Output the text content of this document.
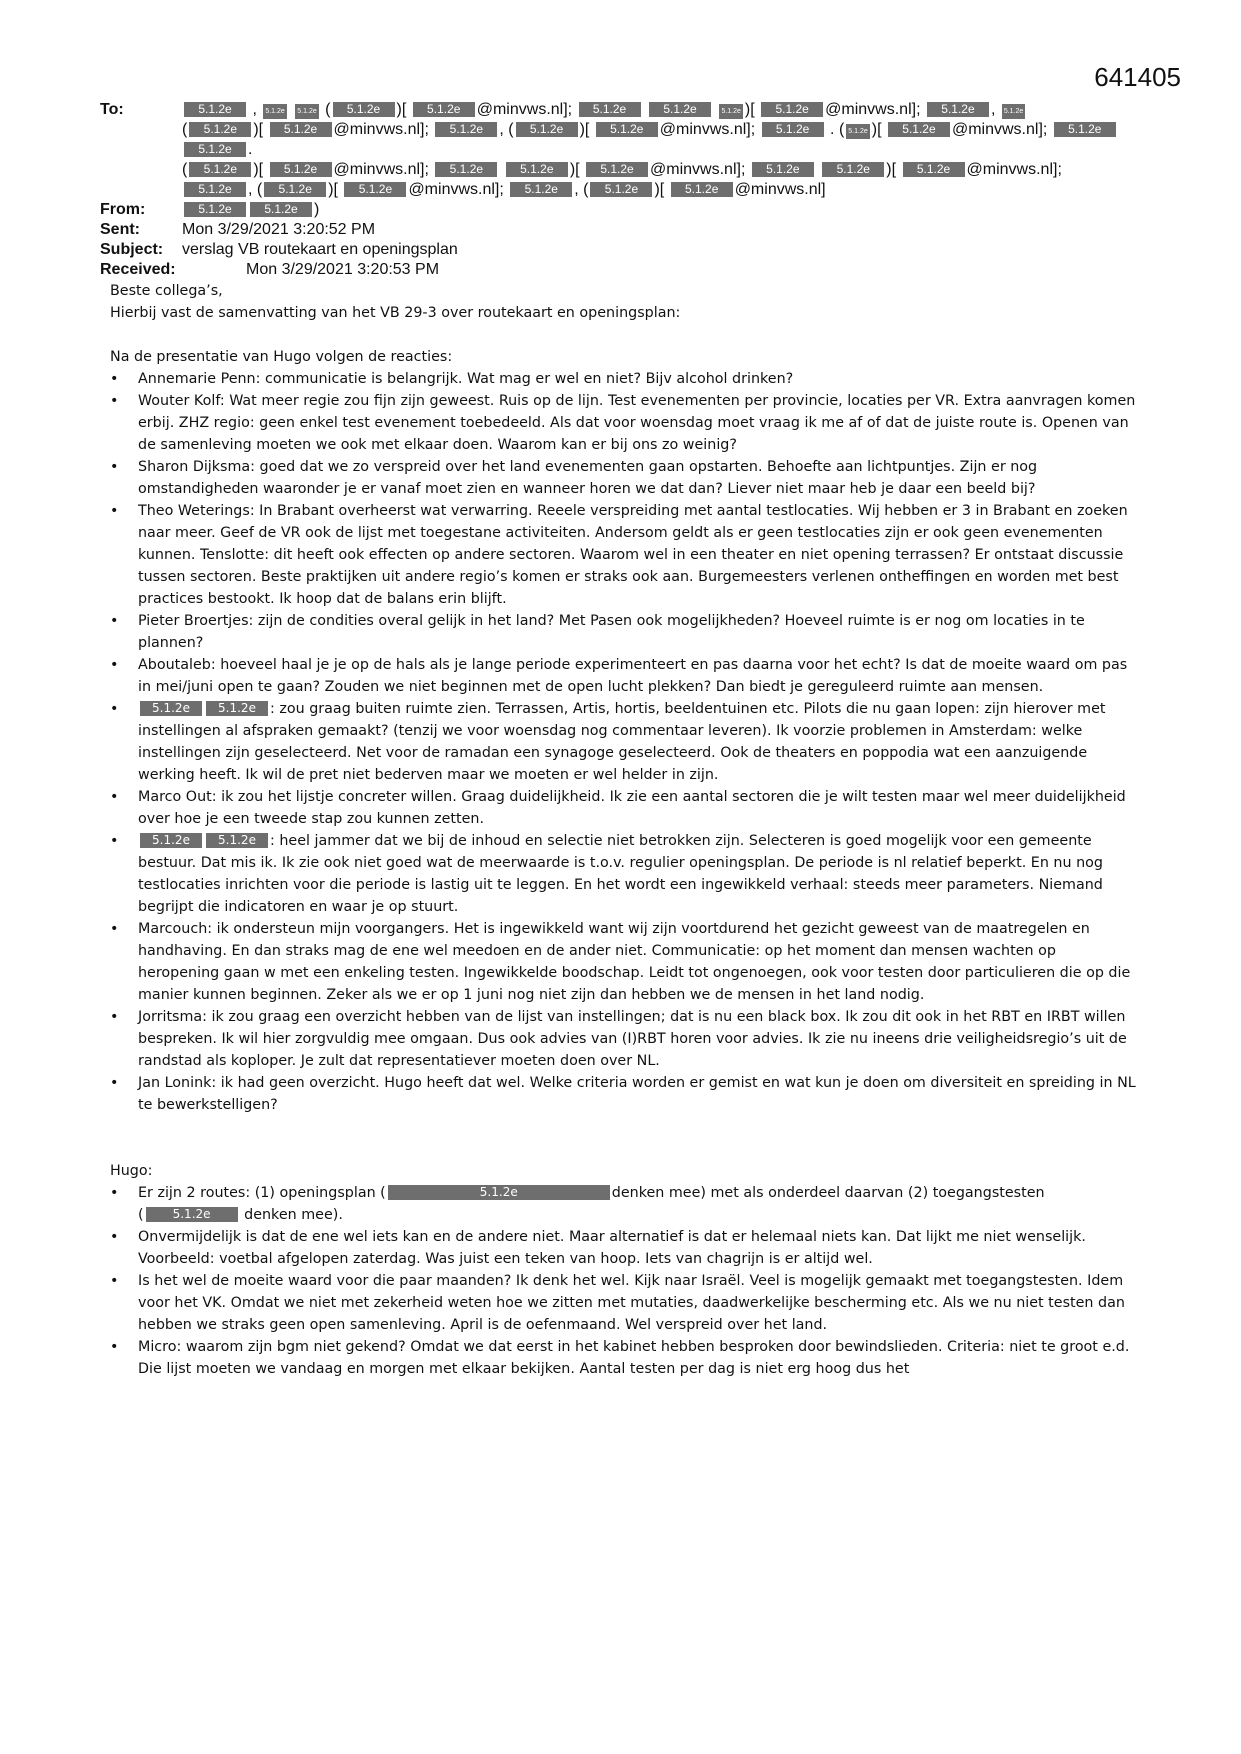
641405
To:	5.1.2e , 5.1.2e 5.1.2e ( 5.1.2e )[ 5.1.2e @minvws.nl]; 5.1.2e	5.1.2e	5.1.2e )[ 5.1.2e @minvws.nl]; 5.1.2e , 5.1.2e
( 5.1.2e )[ 5.1.2e @minvws.nl]; 5.1.2e , ( 5.1.2e )[ 5.1.2e @minvws.nl]; 5.1.2e . ( 5.1.2e )[ 5.1.2e @minvws.nl]; 5.1.2e 5.1.2e .
( 5.1.2e )[ 5.1.2e @minvws.nl]; 5.1.2e	5.1.2e )[ 5.1.2e @minvws.nl]; 5.1.2e	5.1.2e )[ 5.1.2e @minvws.nl];
5.1.2e , ( 5.1.2e )[ 5.1.2e @minvws.nl]; 5.1.2e , ( 5.1.2e )[ 5.1.2e @minvws.nl]
From:	5.1.2e	5.1.2e )
Sent:	Mon 3/29/2021 3:20:52 PM
Subject:	verslag VB routekaart en openingsplan
Received:	Mon 3/29/2021 3:20:53 PM

Beste collega’s,

Hierbij vast de samenvatting van het VB 29-3 over routekaart en openingsplan:

Na de presentatie van Hugo volgen de reacties:

• Annemarie Penn: communicatie is belangrijk. Wat mag er wel en niet? Bijv alcohol drinken?
• Wouter Kolf: Wat meer regie zou fijn zijn geweest. Ruis op de lijn. Test evenementen per provincie, locaties per VR. Extra aanvragen komen erbij. ZHZ regio: geen enkel test evenement toebedeeld. Als dat voor woensdag moet vraag ik me af of dat de juiste route is. Openen van de samenleving moeten we ook met elkaar doen. Waarom kan er bij ons zo weinig?
• Sharon Dijksma: goed dat we zo verspreid over het land evenementen gaan opstarten. Behoefte aan lichtpuntjes. Zijn er nog omstandigheden waaronder je er vanaf moet zien en wanneer horen we dat dan? Liever niet maar heb je daar een beeld bij?
• Theo Weterings: In Brabant overheerst wat verwarring. Reeele verspreiding met aantal testlocaties. Wij hebben er 3 in Brabant en zoeken naar meer. Geef de VR ook de lijst met toegestane activiteiten. Andersom geldt als er geen testlocaties zijn er ook geen evenementen kunnen. Tenslotte: dit heeft ook effecten op andere sectoren. Waarom wel in een theater en niet opening terrassen? Er ontstaat discussie tussen sectoren. Beste praktijken uit andere regio’s komen er straks ook aan. Burgemeesters verlenen ontheffingen en worden met best practices bestookt. Ik hoop dat de balans erin blijft.
• Pieter Broertjes: zijn de condities overal gelijk in het land? Met Pasen ook mogelijkheden? Hoeveel ruimte is er nog om locaties in te plannen?
• Aboutaleb: hoeveel haal je je op de hals als je lange periode experimenteert en pas daarna voor het echt? Is dat de moeite waard om pas in mei/juni open te gaan? Zouden we niet beginnen met de open lucht plekken? Dan biedt je gereguleerd ruimte aan mensen.
• 5.1.2e 5.1.2e : zou graag buiten ruimte zien. Terrassen, Artis, hortis, beeldentuinen etc. Pilots die nu gaan lopen: zijn hierover met instellingen al afspraken gemaakt? (tenzij we voor woensdag nog commentaar leveren). Ik voorzie problemen in Amsterdam: welke instellingen zijn geselecteerd. Net voor de ramadan een synagoge geselecteerd. Ook de theaters en poppodia wat een aanzuigende werking heeft. Ik wil de pret niet bederven maar we moeten er wel helder in zijn.
• Marco Out: ik zou het lijstje concreter willen. Graag duidelijkheid. Ik zie een aantal sectoren die je wilt testen maar wel meer duidelijkheid over hoe je een tweede stap zou kunnen zetten.
• 5.1.2e 5.1.2e : heel jammer dat we bij de inhoud en selectie niet betrokken zijn. Selecteren is goed mogelijk voor een gemeente bestuur. Dat mis ik. Ik zie ook niet goed wat de meerwaarde is t.o.v. regulier openingsplan. De periode is nl relatief beperkt. En nu nog testlocaties inrichten voor die periode is lastig uit te leggen. En het wordt een ingewikkeld verhaal: steeds meer parameters. Niemand begrijpt die indicatoren en waar je op stuurt.
• Marcouch: ik ondersteun mijn voorgangers. Het is ingewikkeld want wij zijn voortdurend het gezicht geweest van de maatregelen en handhaving. En dan straks mag de ene wel meedoen en de ander niet. Communicatie: op het moment dan mensen wachten op heropening gaan w met een enkeling testen. Ingewikkelde boodschap. Leidt tot ongenoegen, ook voor testen door particulieren die op die manier kunnen beginnen. Zeker als we er op 1 juni nog niet zijn dan hebben we de mensen in het land nodig.
• Jorritsma: ik zou graag een overzicht hebben van de lijst van instellingen; dat is nu een black box. Ik zou dit ook in het RBT en IRBT willen bespreken. Ik wil hier zorgvuldig mee omgaan. Dus ook advies van (I)RBT horen voor advies. Ik zie nu ineens drie veiligheidsregio’s uit de randstad als koploper. Je zult dat representatiever moeten doen over NL.
• Jan Lonink: ik had geen overzicht. Hugo heeft dat wel. Welke criteria worden er gemist en wat kun je doen om diversiteit en spreiding in NL te bewerkstelligen?

Hugo:

• Er zijn 2 routes: (1) openingsplan (	5.1.2e	denken mee) met als onderdeel daarvan (2) toegangstesten
( 5.1.2e denken mee).
• Onvermijdelijk is dat de ene wel iets kan en de andere niet. Maar alternatief is dat er helemaal niets kan. Dat lijkt me niet wenselijk. Voorbeeld: voetbal afgelopen zaterdag. Was juist een teken van hoop. Iets van chagrijn is er altijd wel.
• Is het wel de moeite waard voor die paar maanden? Ik denk het wel. Kijk naar Israël. Veel is mogelijk gemaakt met toegangstesten. Idem voor het VK. Omdat we niet met zekerheid weten hoe we zitten met mutaties, daadwerkelijke bescherming etc. Als we nu niet testen dan hebben we straks geen open samenleving. April is de oefenmaand. Wel verspreid over het land.
• Micro: waarom zijn bgm niet gekend? Omdat we dat eerst in het kabinet hebben besproken door bewindslieden. Criteria: niet te groot e.d. Die lijst moeten we vandaag en morgen met elkaar bekijken. Aantal testen per dag is niet erg hoog dus het
